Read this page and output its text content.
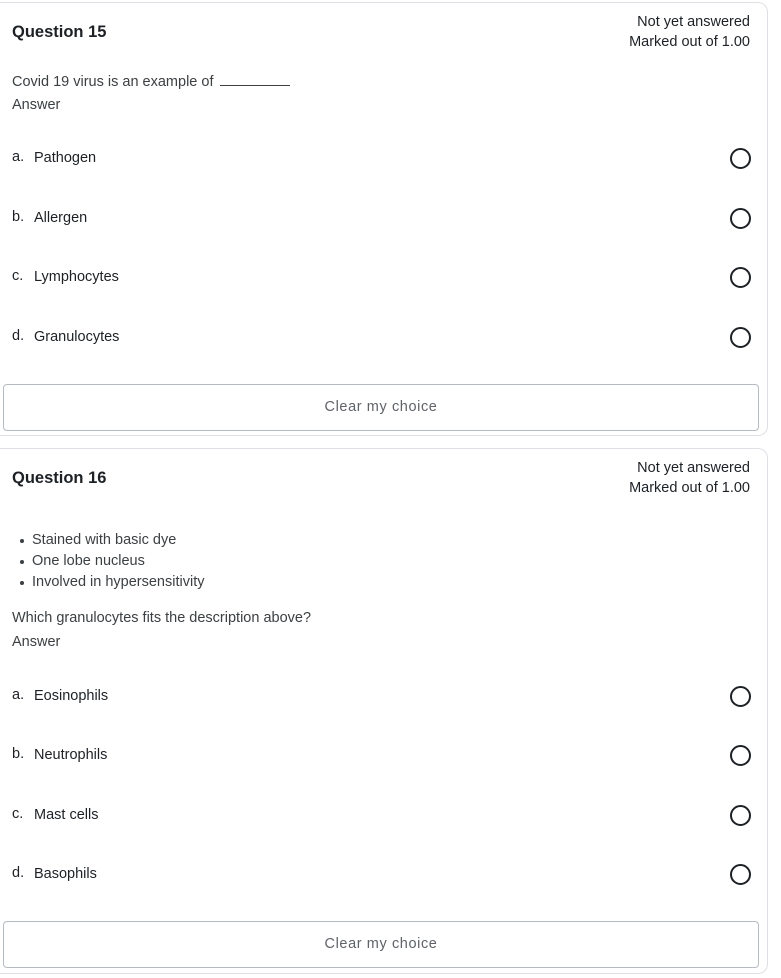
Question 15
Not yet answered
Marked out of 1.00
Covid 19 virus is an example of
Answer
a. Pathogen
b. Allergen
c. Lymphocytes
d. Granulocytes
Clear my choice
Question 16
Not yet answered
Marked out of 1.00
Stained with basic dye
One lobe nucleus
Involved in hypersensitivity
Which granulocytes fits the description above?
Answer
a. Eosinophils
b. Neutrophils
c. Mast cells
d. Basophils
Clear my choice
